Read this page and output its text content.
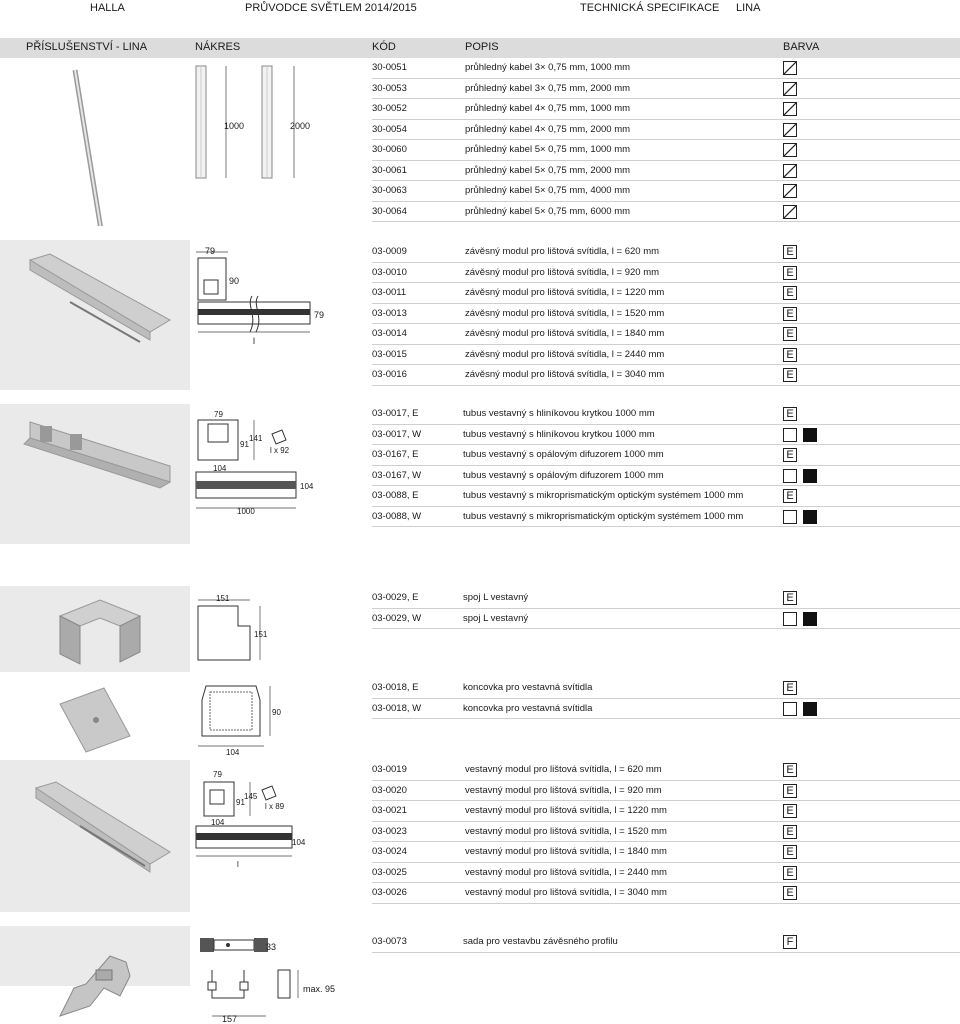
HALLA	PRŮVODCE SVĚTLEM 2014/2015	TECHNICKÁ SPECIFIKACE LINA
PŘÍSLUŠENSTVÍ - LINA	NÁKRES	KÓD	POPIS	BARVA
1000	2000
30-0051	průhledný kabel 3× 0,75 mm, 1000 mm
30-0053	průhledný kabel 3× 0,75 mm, 2000 mm
30-0052	průhledný kabel 4× 0,75 mm, 1000 mm
30-0054	průhledný kabel 4× 0,75 mm, 2000 mm
30-0060	průhledný kabel 5× 0,75 mm, 1000 mm
30-0061	průhledný kabel 5× 0,75 mm, 2000 mm
30-0063	průhledný kabel 5× 0,75 mm, 4000 mm
30-0064	průhledný kabel 5× 0,75 mm, 6000 mm
79
90
79
l
03-0009	závěsný modul pro lištová svítidla, l = 620 mm	E
03-0010	závěsný modul pro lištová svítidla, l = 920 mm	E
03-0011	závěsný modul pro lištová svítidla, l = 1220 mm	E
03-0013	závěsný modul pro lištová svítidla, l = 1520 mm	E
03-0014	závěsný modul pro lištová svítidla, l = 1840 mm	E
03-0015	závěsný modul pro lištová svítidla, l = 2440 mm	E
03-0016	závěsný modul pro lištová svítidla, l = 3040 mm	E
79
91
141
l x 92
104
104
1000
03-0017, E	tubus vestavný s hliníkovou krytkou 1000 mm	E
03-0017, W	tubus vestavný s hliníkovou krytkou 1000 mm
03-0167, E	tubus vestavný s opálovým difuzorem 1000 mm	E
03-0167, W	tubus vestavný s opálovým difuzorem 1000 mm
03-0088, E	tubus vestavný s mikroprismatickým optickým systémem 1000 mm	E
03-0088, W	tubus vestavný s mikroprismatickým optickým systémem 1000 mm
151
151
03-0029, E	spoj L vestavný	E
03-0029, W	spoj L vestavný
90
104
03-0018, E	koncovka pro vestavná svítidla	E
03-0018, W	koncovka pro vestavná svítidla
79
91
145
l x 89
104
104
l
03-0019	vestavný modul pro lištová svítidla, l = 620 mm	E
03-0020	vestavný modul pro lištová svítidla, l = 920 mm	E
03-0021	vestavný modul pro lištová svítidla, l = 1220 mm	E
03-0023	vestavný modul pro lištová svítidla, l = 1520 mm	E
03-0024	vestavný modul pro lištová svítidla, l = 1840 mm	E
03-0025	vestavný modul pro lištová svítidla, l = 2440 mm	E
03-0026	vestavný modul pro lištová svítidla, l = 3040 mm	E
33
max. 95
157
03-0073	sada pro vestavbu závěsného profilu	F
